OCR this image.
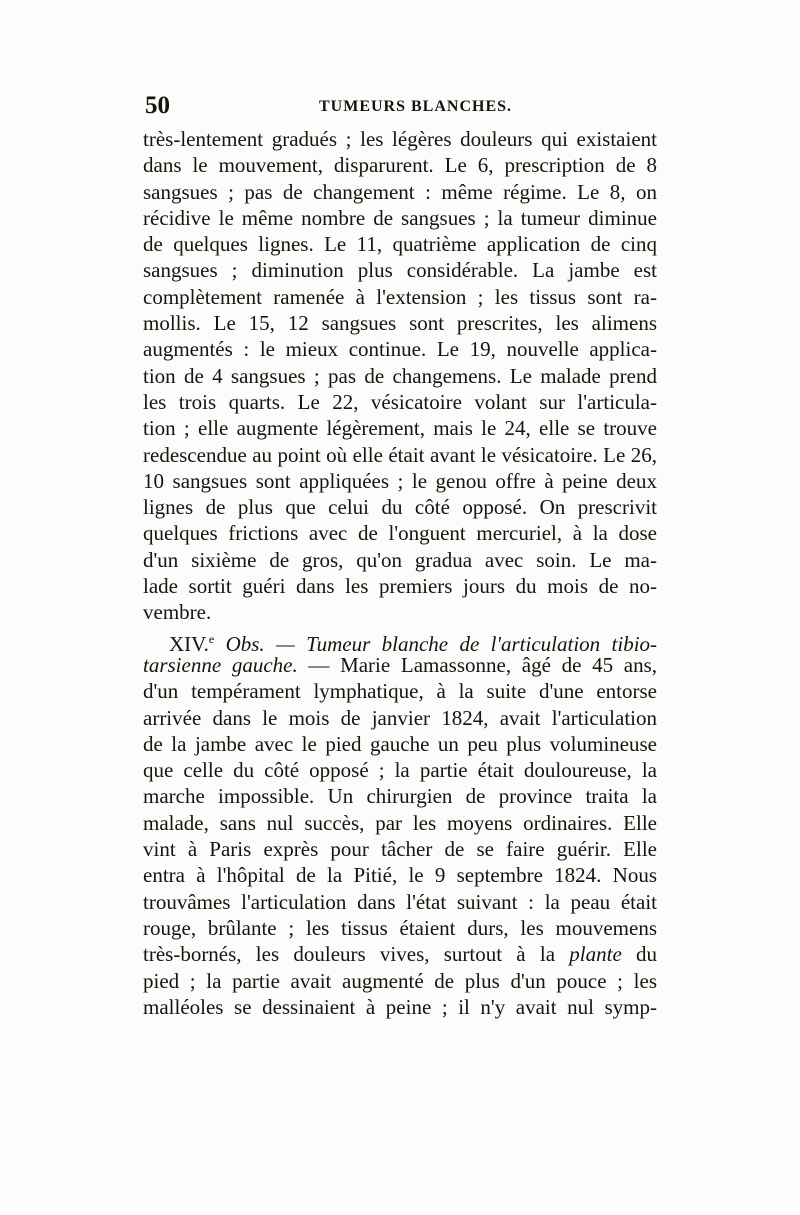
50	TUMEURS BLANCHES.
très-lentement gradués ; les légères douleurs qui existaient
dans le mouvement, disparurent. Le 6, prescription de 8
sangsues ; pas de changement : même régime. Le 8, on
récidive le même nombre de sangsues ; la tumeur diminue
de quelques lignes. Le 11, quatrième application de cinq
sangsues ; diminution plus considérable. La jambe est
complètement ramenée à l'extension ; les tissus sont ra-
mollis. Le 15, 12 sangsues sont prescrites, les alimens
augmentés : le mieux continue. Le 19, nouvelle applica-
tion de 4 sangsues ; pas de changemens. Le malade prend
les trois quarts. Le 22, vésicatoire volant sur l'articula-
tion ; elle augmente légèrement, mais le 24, elle se trouve
redescendue au point où elle était avant le vésicatoire. Le 26,
10 sangsues sont appliquées ; le genou offre à peine deux
lignes de plus que celui du côté opposé. On prescrivit
quelques frictions avec de l'onguent mercuriel, à la dose
d'un sixième de gros, qu'on gradua avec soin. Le ma-
lade sortit guéri dans les premiers jours du mois de no-
vembre.
XIV.$^e$ Obs. — Tumeur blanche de l'articulation tibio-
tarsienne gauche. — Marie Lamassonne, âgé de 45 ans,
d'un tempérament lymphatique, à la suite d'une entorse
arrivée dans le mois de janvier 1824, avait l'articulation
de la jambe avec le pied gauche un peu plus volumineuse
que celle du côté opposé ; la partie était douloureuse, la
marche impossible. Un chirurgien de province traita la
malade, sans nul succès, par les moyens ordinaires. Elle
vint à Paris exprès pour tâcher de se faire guérir. Elle
entra à l'hôpital de la Pitié, le 9 septembre 1824. Nous
trouvâmes l'articulation dans l'état suivant : la peau était
rouge, brûlante ; les tissus étaient durs, les mouvemens
très-bornés, les douleurs vives, surtout à la plante du
pied ; la partie avait augmenté de plus d'un pouce ; les
malléoles se dessinaient à peine ; il n'y avait nul symp-
